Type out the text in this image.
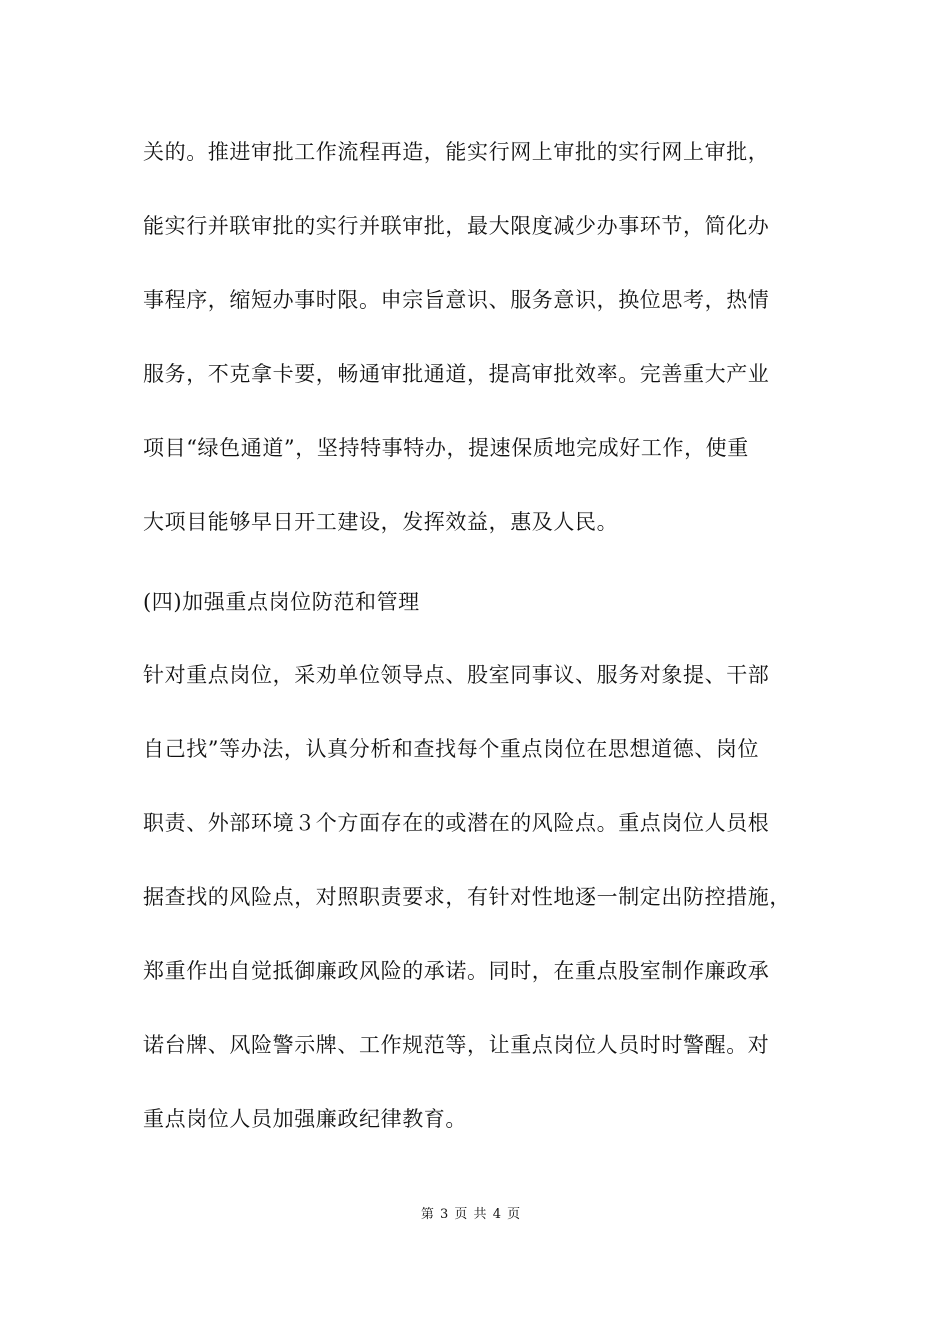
关的。推进审批工作流程再造，能实行网上审批的实行网上审批，
能实行并联审批的实行并联审批，最大限度减少办事环节，简化办
事程序，缩短办事时限。申宗旨意识、服务意识，换位思考，热情
服务，不克拿卡要，畅通审批通道，提高审批效率。完善重大产业
项目“绿色通道”，坚持特事特办，提速保质地完成好工作，使重
大项目能够早日开工建设，发挥效益，惠及人民。
(四)加强重点岗位防范和管理
针对重点岗位，采劝单位领导点、股室同事议、服务对象提、干部
自己找”等办法，认真分析和查找每个重点岗位在思想道德、岗位
职责、外部环境３个方面存在的或潜在的风险点。重点岗位人员根
据查找的风险点，对照职责要求，有针对性地逐一制定出防控措施，
郑重作出自觉抵御廉政风险的承诺。同时，在重点股室制作廉政承
诺台牌、风险警示牌、工作规范等，让重点岗位人员时时警醒。对
重点岗位人员加强廉政纪律教育。
第 3 页 共 4 页
